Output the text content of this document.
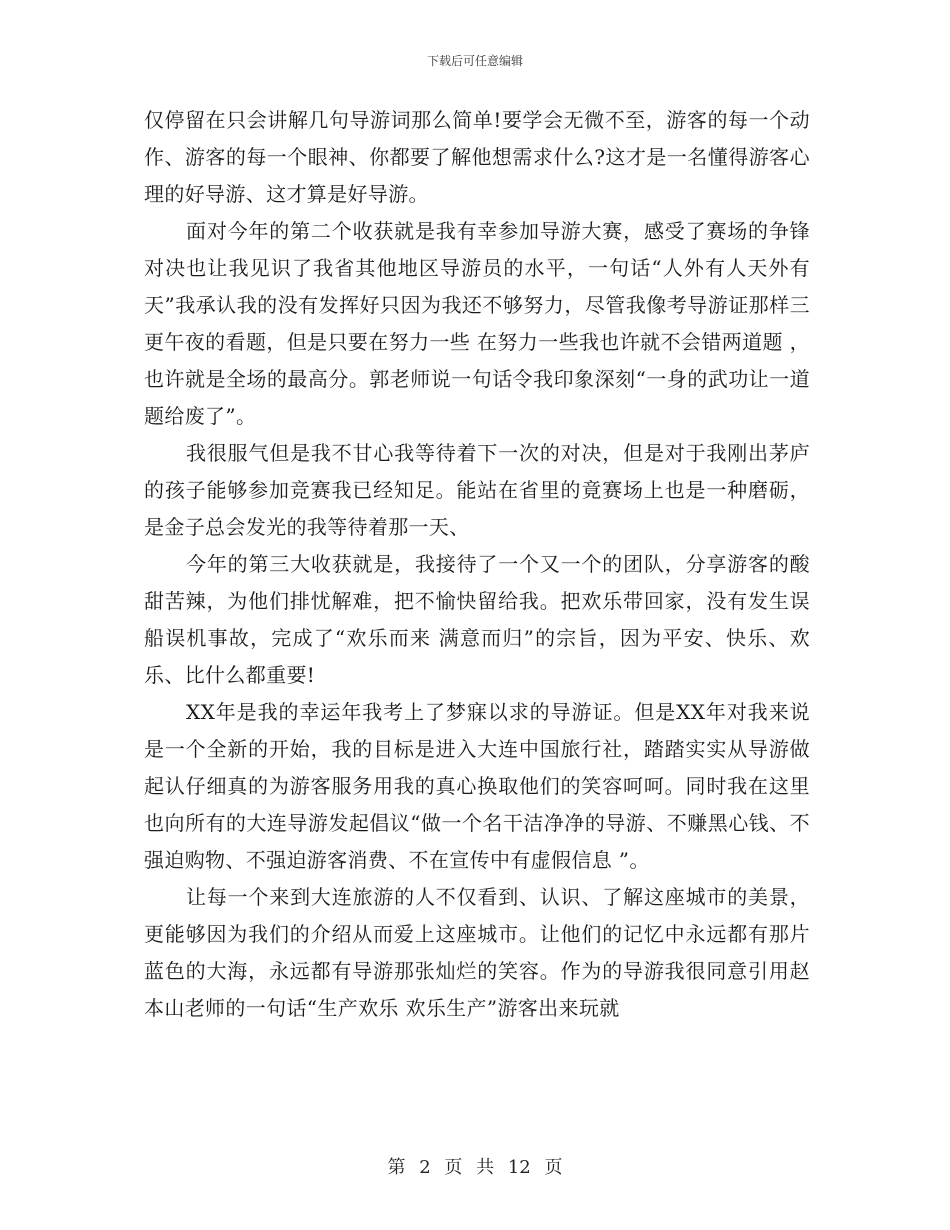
下载后可任意编辑

仅停留在只会讲解几句导游词那么简单!要学会无微不至，游客的每一个动作、游客的每一个眼神、你都要了解他想需求什么?这才是一名懂得游客心理的好导游、这才算是好导游。

面对今年的第二个收获就是我有幸参加导游大赛，感受了赛场的争锋对决也让我见识了我省其他地区导游员的水平，一句话“人外有人天外有天”我承认我的没有发挥好只因为我还不够努力，尽管我像考导游证那样三更午夜的看题，但是只要在努力一些 在努力一些我也许就不会错两道题 ，也许就是全场的最高分。郭老师说一句话令我印象深刻“一身的武功让一道题给废了”。

我很服气但是我不甘心我等待着下一次的对决，但是对于我刚出茅庐的孩子能够参加竞赛我已经知足。能站在省里的竟赛场上也是一种磨砺，是金子总会发光的我等待着那一天、

今年的第三大收获就是，我接待了一个又一个的团队，分享游客的酸甜苦辣，为他们排忧解难，把不愉快留给我。把欢乐带回家，没有发生误船误机事故，完成了“欢乐而来 满意而归”的宗旨，因为平安、快乐、欢乐、比什么都重要!

XX年是我的幸运年我考上了梦寐以求的导游证。但是XX年对我来说是一个全新的开始，我的目标是进入大连中国旅行社，踏踏实实从导游做起认仔细真的为游客服务用我的真心换取他们的笑容呵呵。同时我在这里也向所有的大连导游发起倡议“做一个名干洁净净的导游、不赚黑心钱、不强迫购物、不强迫游客消费、不在宣传中有虚假信息 ”。

让每一个来到大连旅游的人不仅看到、认识、了解这座城市的美景，更能够因为我们的介绍从而爱上这座城市。让他们的记忆中永远都有那片蓝色的大海，永远都有导游那张灿烂的笑容。作为的导游我很同意引用赵本山老师的一句话“生产欢乐 欢乐生产”游客出来玩就

第 2 页 共 12 页
